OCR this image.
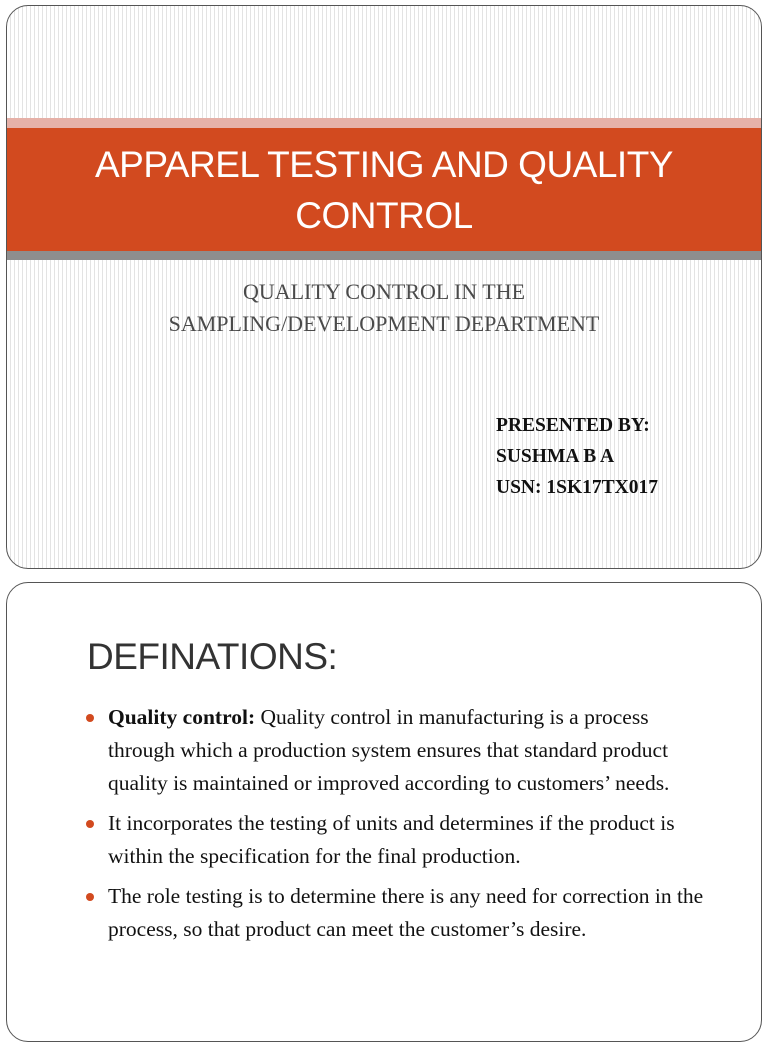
APPAREL TESTING AND QUALITY CONTROL
QUALITY CONTROL IN THE
SAMPLING/DEVELOPMENT DEPARTMENT
PRESENTED BY:
SUSHMA B A
USN: 1SK17TX017
DEFINATIONS:
Quality control: Quality control in manufacturing is a process through which a production system ensures that standard product quality is maintained or improved according to customers’ needs.
It incorporates the testing of units and determines if the product is within the specification for the final production.
The role testing is to determine there is any need for correction in the process, so that product can meet the customer’s desire.
